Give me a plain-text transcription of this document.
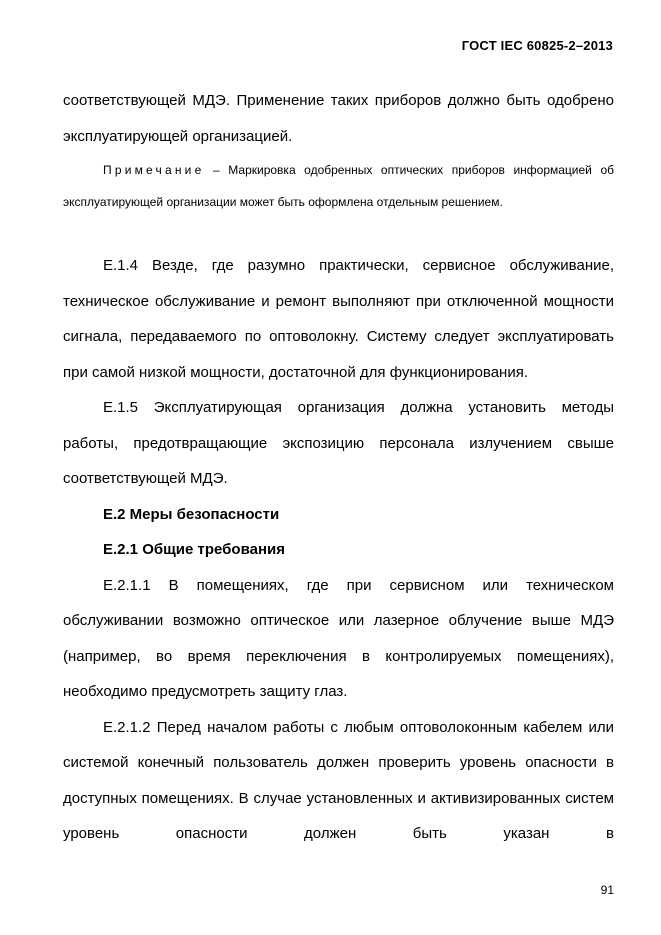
ГОСТ IEC 60825-2–2013

соответствующей МДЭ. Применение таких приборов должно быть одобрено эксплуатирующей организацией.

Примечание – Маркировка одобренных оптических приборов информацией об эксплуатирующей организации может быть оформлена отдельным решением.

Е.1.4 Везде, где разумно практически, сервисное обслуживание, техническое обслуживание и ремонт выполняют при отключенной мощности сигнала, передаваемого по оптоволокну. Систему следует эксплуатировать при самой низкой мощности, достаточной для функционирования.

Е.1.5 Эксплуатирующая организация должна установить методы работы, предотвращающие экспозицию персонала излучением свыше соответствующей МДЭ.

Е.2 Меры безопасности

Е.2.1 Общие требования

Е.2.1.1 В помещениях, где при сервисном или техническом обслуживании возможно оптическое или лазерное облучение выше МДЭ (например, во время переключения в контролируемых помещениях), необходимо предусмотреть защиту глаз.

Е.2.1.2 Перед началом работы с любым оптоволоконным кабелем или системой конечный пользователь должен проверить уровень опасности в доступных помещениях. В случае установленных и активизированных систем уровень опасности должен быть указан в

91
